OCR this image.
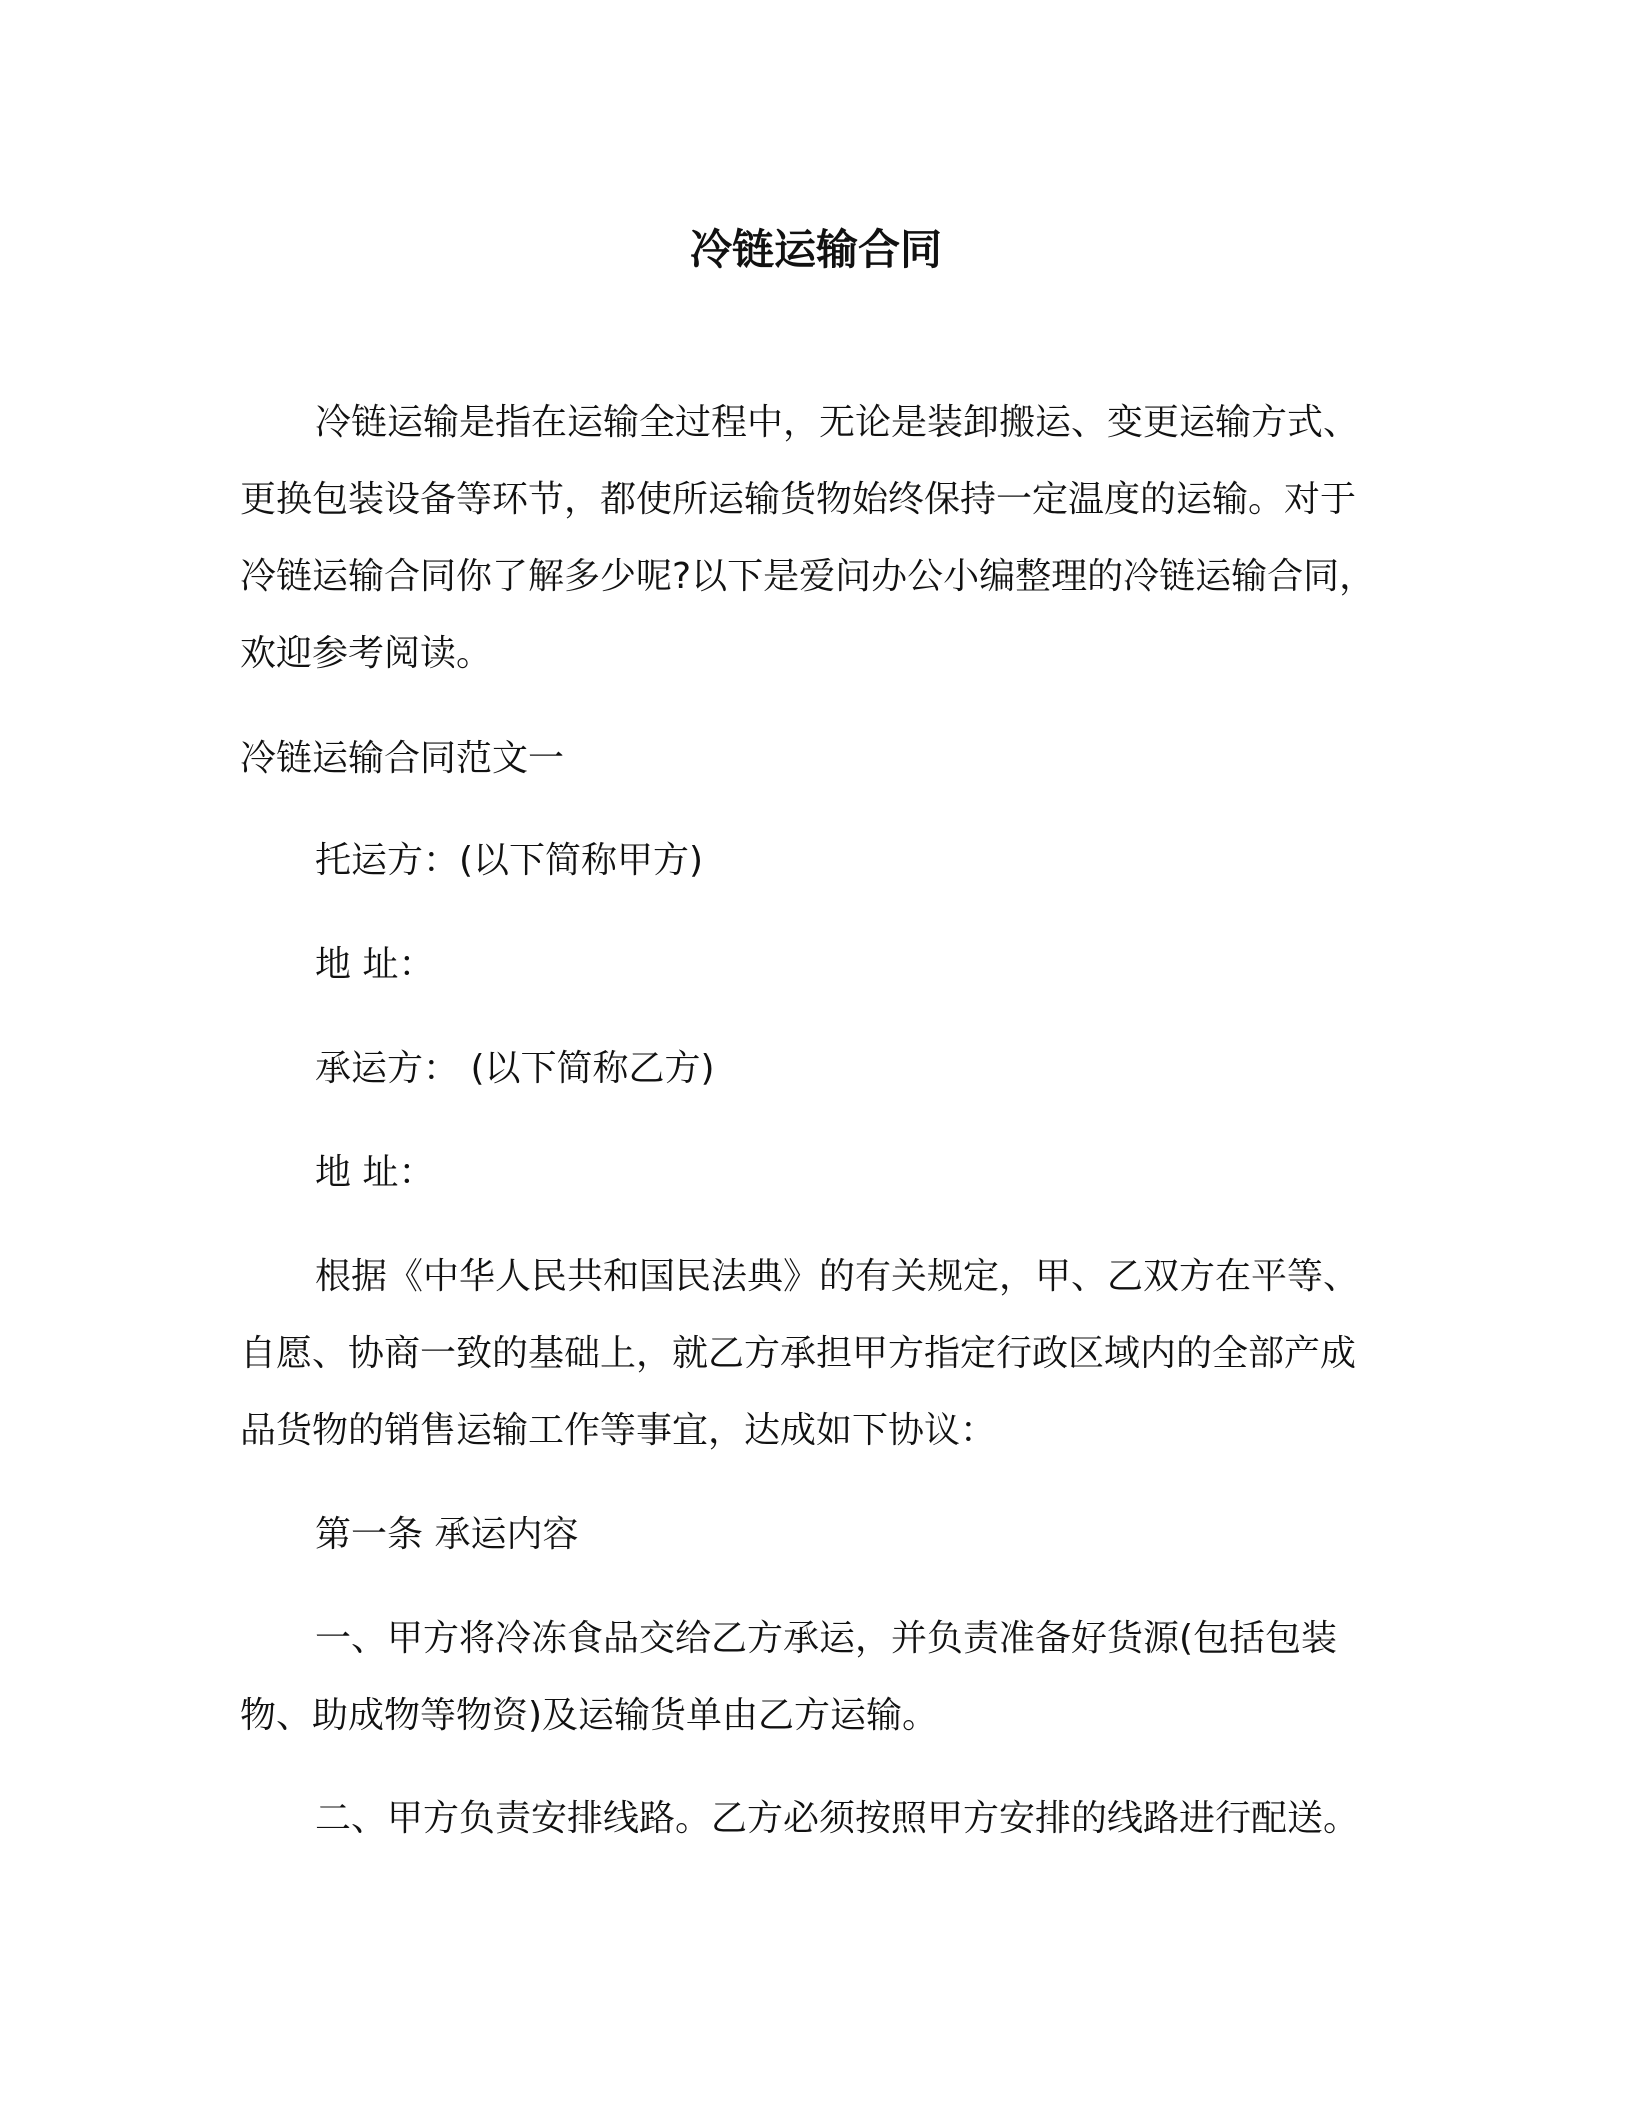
冷链运输合同

冷链运输是指在运输全过程中，无论是装卸搬运、变更运输方式、更换包装设备等环节，都使所运输货物始终保持一定温度的运输。对于冷链运输合同你了解多少呢?以下是爱问办公小编整理的冷链运输合同，欢迎参考阅读。

冷链运输合同范文一

托运方：(以下简称甲方)

地 址：

承运方： (以下简称乙方)

地 址：

根据《中华人民共和国民法典》的有关规定，甲、乙双方在平等、自愿、协商一致的基础上，就乙方承担甲方指定行政区域内的全部产成品货物的销售运输工作等事宜，达成如下协议：

第一条 承运内容

一、甲方将冷冻食品交给乙方承运，并负责准备好货源(包括包装物、助成物等物资)及运输货单由乙方运输。

二、甲方负责安排线路。乙方必须按照甲方安排的线路进行配送。
